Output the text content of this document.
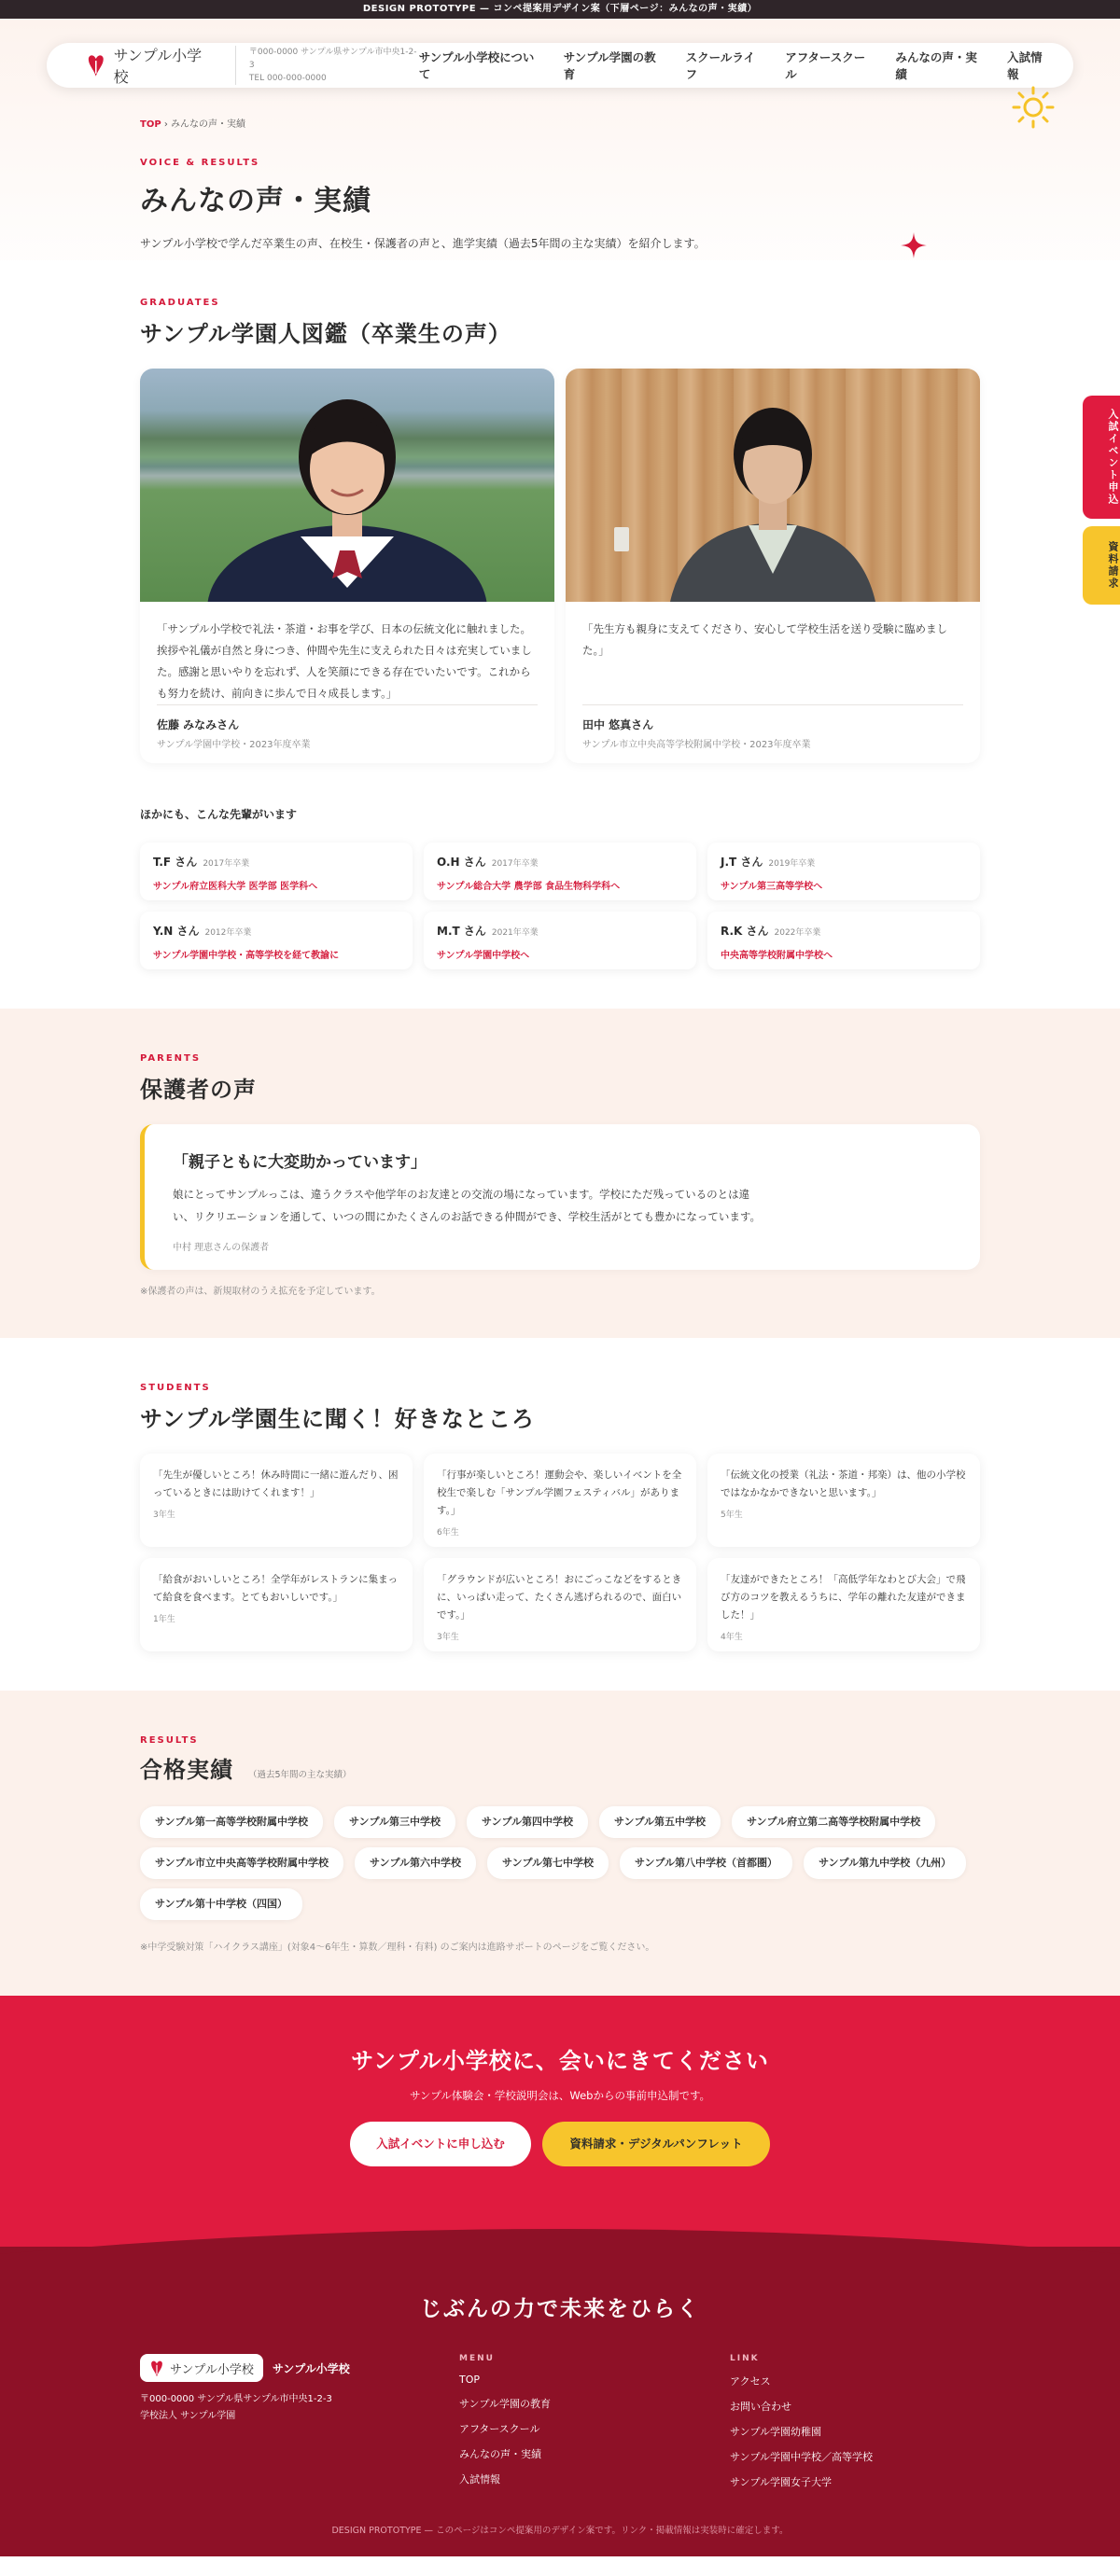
DESIGN PROTOTYPE — コンペ提案用デザイン案（下層ページ：みんなの声・実績）
入試イベント申込
資料請求
サンプル小学校
〒000-0000 サンプル県サンプル市中央1-2-3
TEL 000-000-0000
サンプル小学校について
サンプル学園の教育
スクールライフ
アフタースクール
みんなの声・実績
入試情報
TOP › みんなの声・実績
VOICE & RESULTS
みんなの声・実績

サンプル小学校で学んだ卒業生の声、在校生・保護者の声と、進学実績（過去5年間の主な実績）を紹介します。

GRADUATES
サンプル学園人図鑑（卒業生の声）

「サンプル小学校で礼法・茶道・お事を学び、日本の伝統文化に触れました。挨拶や礼儀が自然と身につき、仲間や先生に支えられた日々は充実していました。感謝と思いやりを忘れず、人を笑顔にできる存在でいたいです。これからも努力を続け、前向きに歩んで日々成長します。」

佐藤 みなみさん
サンプル学園中学校・2023年度卒業

「先生方も親身に支えてくださり、安心して学校生活を送り受験に臨めました。」

田中 悠真さん
サンプル市立中央高等学校附属中学校・2023年度卒業
ほかにも、こんな先輩がいます
T.F さん 2017年卒業
サンプル府立医科大学 医学部 医学科へ
O.H さん 2017年卒業
サンプル総合大学 農学部 食品生物科学科へ
J.T さん 2019年卒業
サンプル第三高等学校へ
Y.N さん 2012年卒業
サンプル学園中学校・高等学校を経て教諭に
M.T さん 2021年卒業
サンプル学園中学校へ
R.K さん 2022年卒業
中央高等学校附属中学校へ
PARENTS
保護者の声
「親子ともに大変助かっています」

娘にとってサンプルっこは、違うクラスや他学年のお友達との交流の場になっています。学校にただ残っているのとは違い、リクリエーションを通して、いつの間にかたくさんのお話できる仲間ができ、学校生活がとても豊かになっています。

中村 理恵さんの保護者
※保護者の声は、新規取材のうえ拡充を予定しています。
STUDENTS
サンプル学園生に聞く！好きなところ

「先生が優しいところ！休み時間に一緒に遊んだり、困っているときには助けてくれます！」

3年生

「行事が楽しいところ！運動会や、楽しいイベントを全校生で楽しむ「サンプル学園フェスティバル」があります。」

6年生

「伝統文化の授業（礼法・茶道・邦楽）は、他の小学校ではなかなかできないと思います。」

5年生

「給食がおいしいところ！全学年がレストランに集まって給食を食べます。とてもおいしいです。」

1年生

「グラウンドが広いところ！おにごっこなどをするときに、いっぱい走って、たくさん逃げられるので、面白いです。」

3年生

「友達ができたところ！「高低学年なわとび大会」で飛び方のコツを教えるうちに、学年の離れた友達ができました！」

4年生
RESULTS
合格実績 （過去5年間の主な実績）
サンプル第一高等学校附属中学校	サンプル第三中学校	サンプル第四中学校	サンプル第五中学校	サンプル府立第二高等学校附属中学校
サンプル市立中央高等学校附属中学校	サンプル第六中学校	サンプル第七中学校	サンプル第八中学校（首都圏）	サンプル第九中学校（九州）
サンプル第十中学校（四国）
※中学受験対策「ハイクラス講座」(対象4〜6年生・算数／理科・有料) のご案内は進路サポートのページをご覧ください。
サンプル小学校に、会いにきてください

サンプル体験会・学校説明会は、Webからの事前申込制です。

入試イベントに申し込む	資料請求・デジタルパンフレット
じぶんの力で未来をひらく
サンプル小学校 サンプル小学校
〒000-0000 サンプル県サンプル市中央1-2-3
学校法人 サンプル学園
MENU
TOP
サンプル学園の教育
アフタースクール
みんなの声・実績
入試情報
LINK
アクセス
お問い合わせ
サンプル学園幼稚園
サンプル学園中学校／高等学校
サンプル学園女子大学
DESIGN PROTOTYPE — このページはコンペ提案用のデザイン案です。リンク・掲載情報は実装時に確定します。
